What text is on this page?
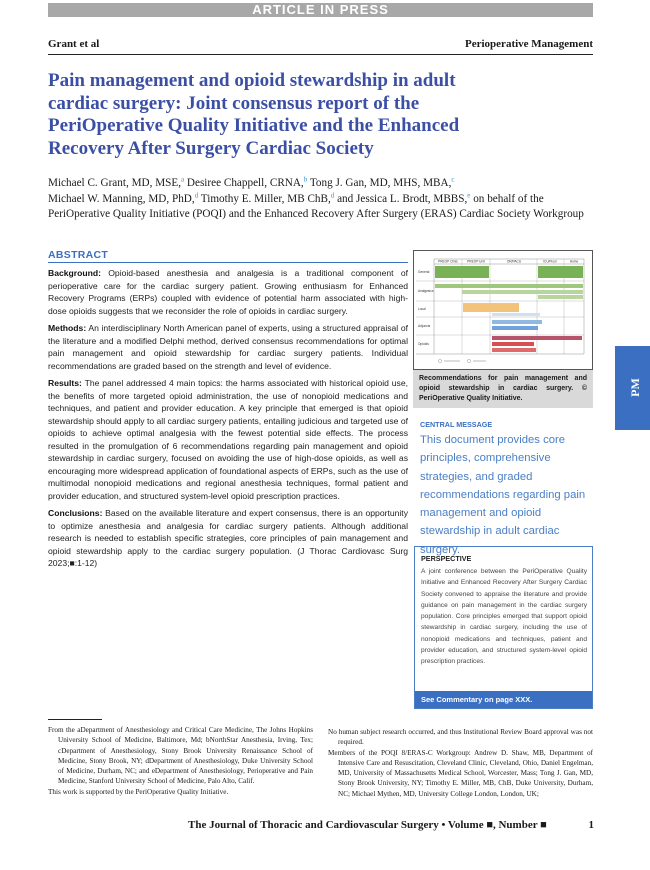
ARTICLE IN PRESS
Grant et al	Perioperative Management
Pain management and opioid stewardship in adult cardiac surgery: Joint consensus report of the PeriOperative Quality Initiative and the Enhanced Recovery After Surgery Cardiac Society
Michael C. Grant, MD, MSE,$^a$ Desiree Chappell, CRNA,$^b$ Tong J. Gan, MD, MHS, MBA,$^c$
Michael W. Manning, MD, PhD,$^d$ Timothy E. Miller, MB ChB,$^d$ and Jessica L. Brodt, MBBS,$^e$ on behalf of the PeriOperative Quality Initiative (POQI) and the Enhanced Recovery After Surgery (ERAS) Cardiac Society Workgroup
ABSTRACT

Background: Opioid-based anesthesia and analgesia is a traditional component of perioperative care for the cardiac surgery patient. Growing enthusiasm for Enhanced Recovery Programs (ERPs) coupled with evidence of potential harm associated with high-dose opioids suggests that we reconsider the role of opioids in cardiac surgery.

Methods: An interdisciplinary North American panel of experts, using a structured appraisal of the literature and a modified Delphi method, derived consensus recommendations for optimal pain management and opioid stewardship for cardiac surgery patients. Individual recommendations are graded based on the strength and level of evidence.

Results: The panel addressed 4 main topics: the harms associated with historical opioid use, the benefits of more targeted opioid administration, the use of nonopioid medications and techniques, and patient and provider education. A key principle that emerged is that opioid stewardship should apply to all cardiac surgery patients, entailing judicious and targeted use of opioids to achieve optimal analgesia with the fewest potential side effects. The process resulted in the promulgation of 6 recommendations regarding pain management and opioid stewardship in cardiac surgery, focused on avoiding the use of high-dose opioids, as well as encouraging more widespread application of foundational aspects of ERPs, such as the use of multimodal nonopioid medications and regional anesthesia techniques, formal patient and provider education, and structured system-level opioid prescription practices.

Conclusions: Based on the available literature and expert consensus, there is an opportunity to optimize anesthesia and analgesia for cardiac surgery patients. Although additional research is needed to establish specific strategies, core principles of pain management and opioid stewardship apply to the cardiac surgery population. (J Thorac Cardiovasc Surg 2023;■:1-12)

PREOP Clinic	PREOP Unit	OR/PACU	ICU/Floor	Home
General
Analgesics
Local
Adjuncts
Opioids
Recommendations for pain management and opioid stewardship in cardiac surgery. © PeriOperative Quality Initiative.
CENTRAL MESSAGE
This document provides core principles, comprehensive strategies, and graded recommendations regarding pain management and opioid stewardship in adult cardiac surgery.
PERSPECTIVE
A joint conference between the PeriOperative Quality Initiative and Enhanced Recovery After Surgery Cardiac Society convened to appraise the literature and provide guidance on pain management in the cardiac surgery population. Core principles emerged that support opioid stewardship in cardiac surgery, including the use of nonopioid medications and techniques, patient and provider education, and structured system-level opioid prescription practices.
See Commentary on page XXX.
PM
From the aDepartment of Anesthesiology and Critical Care Medicine, The Johns Hopkins University School of Medicine, Baltimore, Md; bNorthStar Anesthesia, Irving, Tex; cDepartment of Anesthesiology, Stony Brook University Renaissance School of Medicine, Stony Brook, NY; dDepartment of Anesthesiology, Duke University School of Medicine, Durham, NC; and eDepartment of Anesthesiology, Perioperative and Pain Medicine, Stanford University School of Medicine, Palo Alto, Calif.
This work is supported by the PeriOperative Quality Initiative.
No human subject research occurred, and thus Institutional Review Board approval was not required.
Members of the POQI 8/ERAS-C Workgroup: Andrew D. Shaw, MB, Department of Intensive Care and Resuscitation, Cleveland Clinic, Cleveland, Ohio, Daniel Engelman, MD, University of Massachusetts Medical School, Worcester, Mass; Tong J. Gan, MD, Stony Brook University, NY; Timothy E. Miller, MB, ChB, Duke University, Durham, NC; Michael Mythen, MD, University College London, London, UK;
The Journal of Thoracic and Cardiovascular Surgery • Volume ■, Number ■	1
